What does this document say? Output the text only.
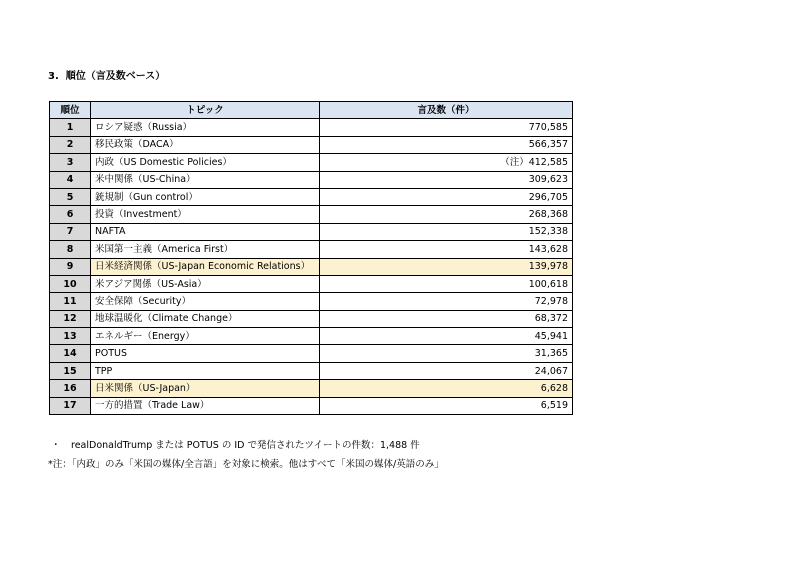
3. 順位（言及数ベース）
順位	トピック	言及数（件）
1	ロシア疑惑（Russia）	770,585
2	移民政策（DACA）	566,357
3	内政（US Domestic Policies）	（注）412,585
4	米中関係（US-China）	309,623
5	銃規制（Gun control）	296,705
6	投資（Investment）	268,368
7	NAFTA	152,338
8	米国第一主義（America First）	143,628
9	日米経済関係（US-Japan Economic Relations）	139,978
10	米アジア関係（US-Asia）	100,618
11	安全保障（Security）	72,978
12	地球温暖化（Climate Change）	68,372
13	エネルギー（Energy）	45,941
14	POTUS	31,365
15	TPP	24,067
16	日米関係（US-Japan）	6,628
17	一方的措置（Trade Law）	6,519
・ realDonaldTrump または POTUS の ID で発信されたツイートの件数：1,488 件
*注：「内政」のみ「米国の媒体/全言語」を対象に検索。他はすべて「米国の媒体/英語のみ」
